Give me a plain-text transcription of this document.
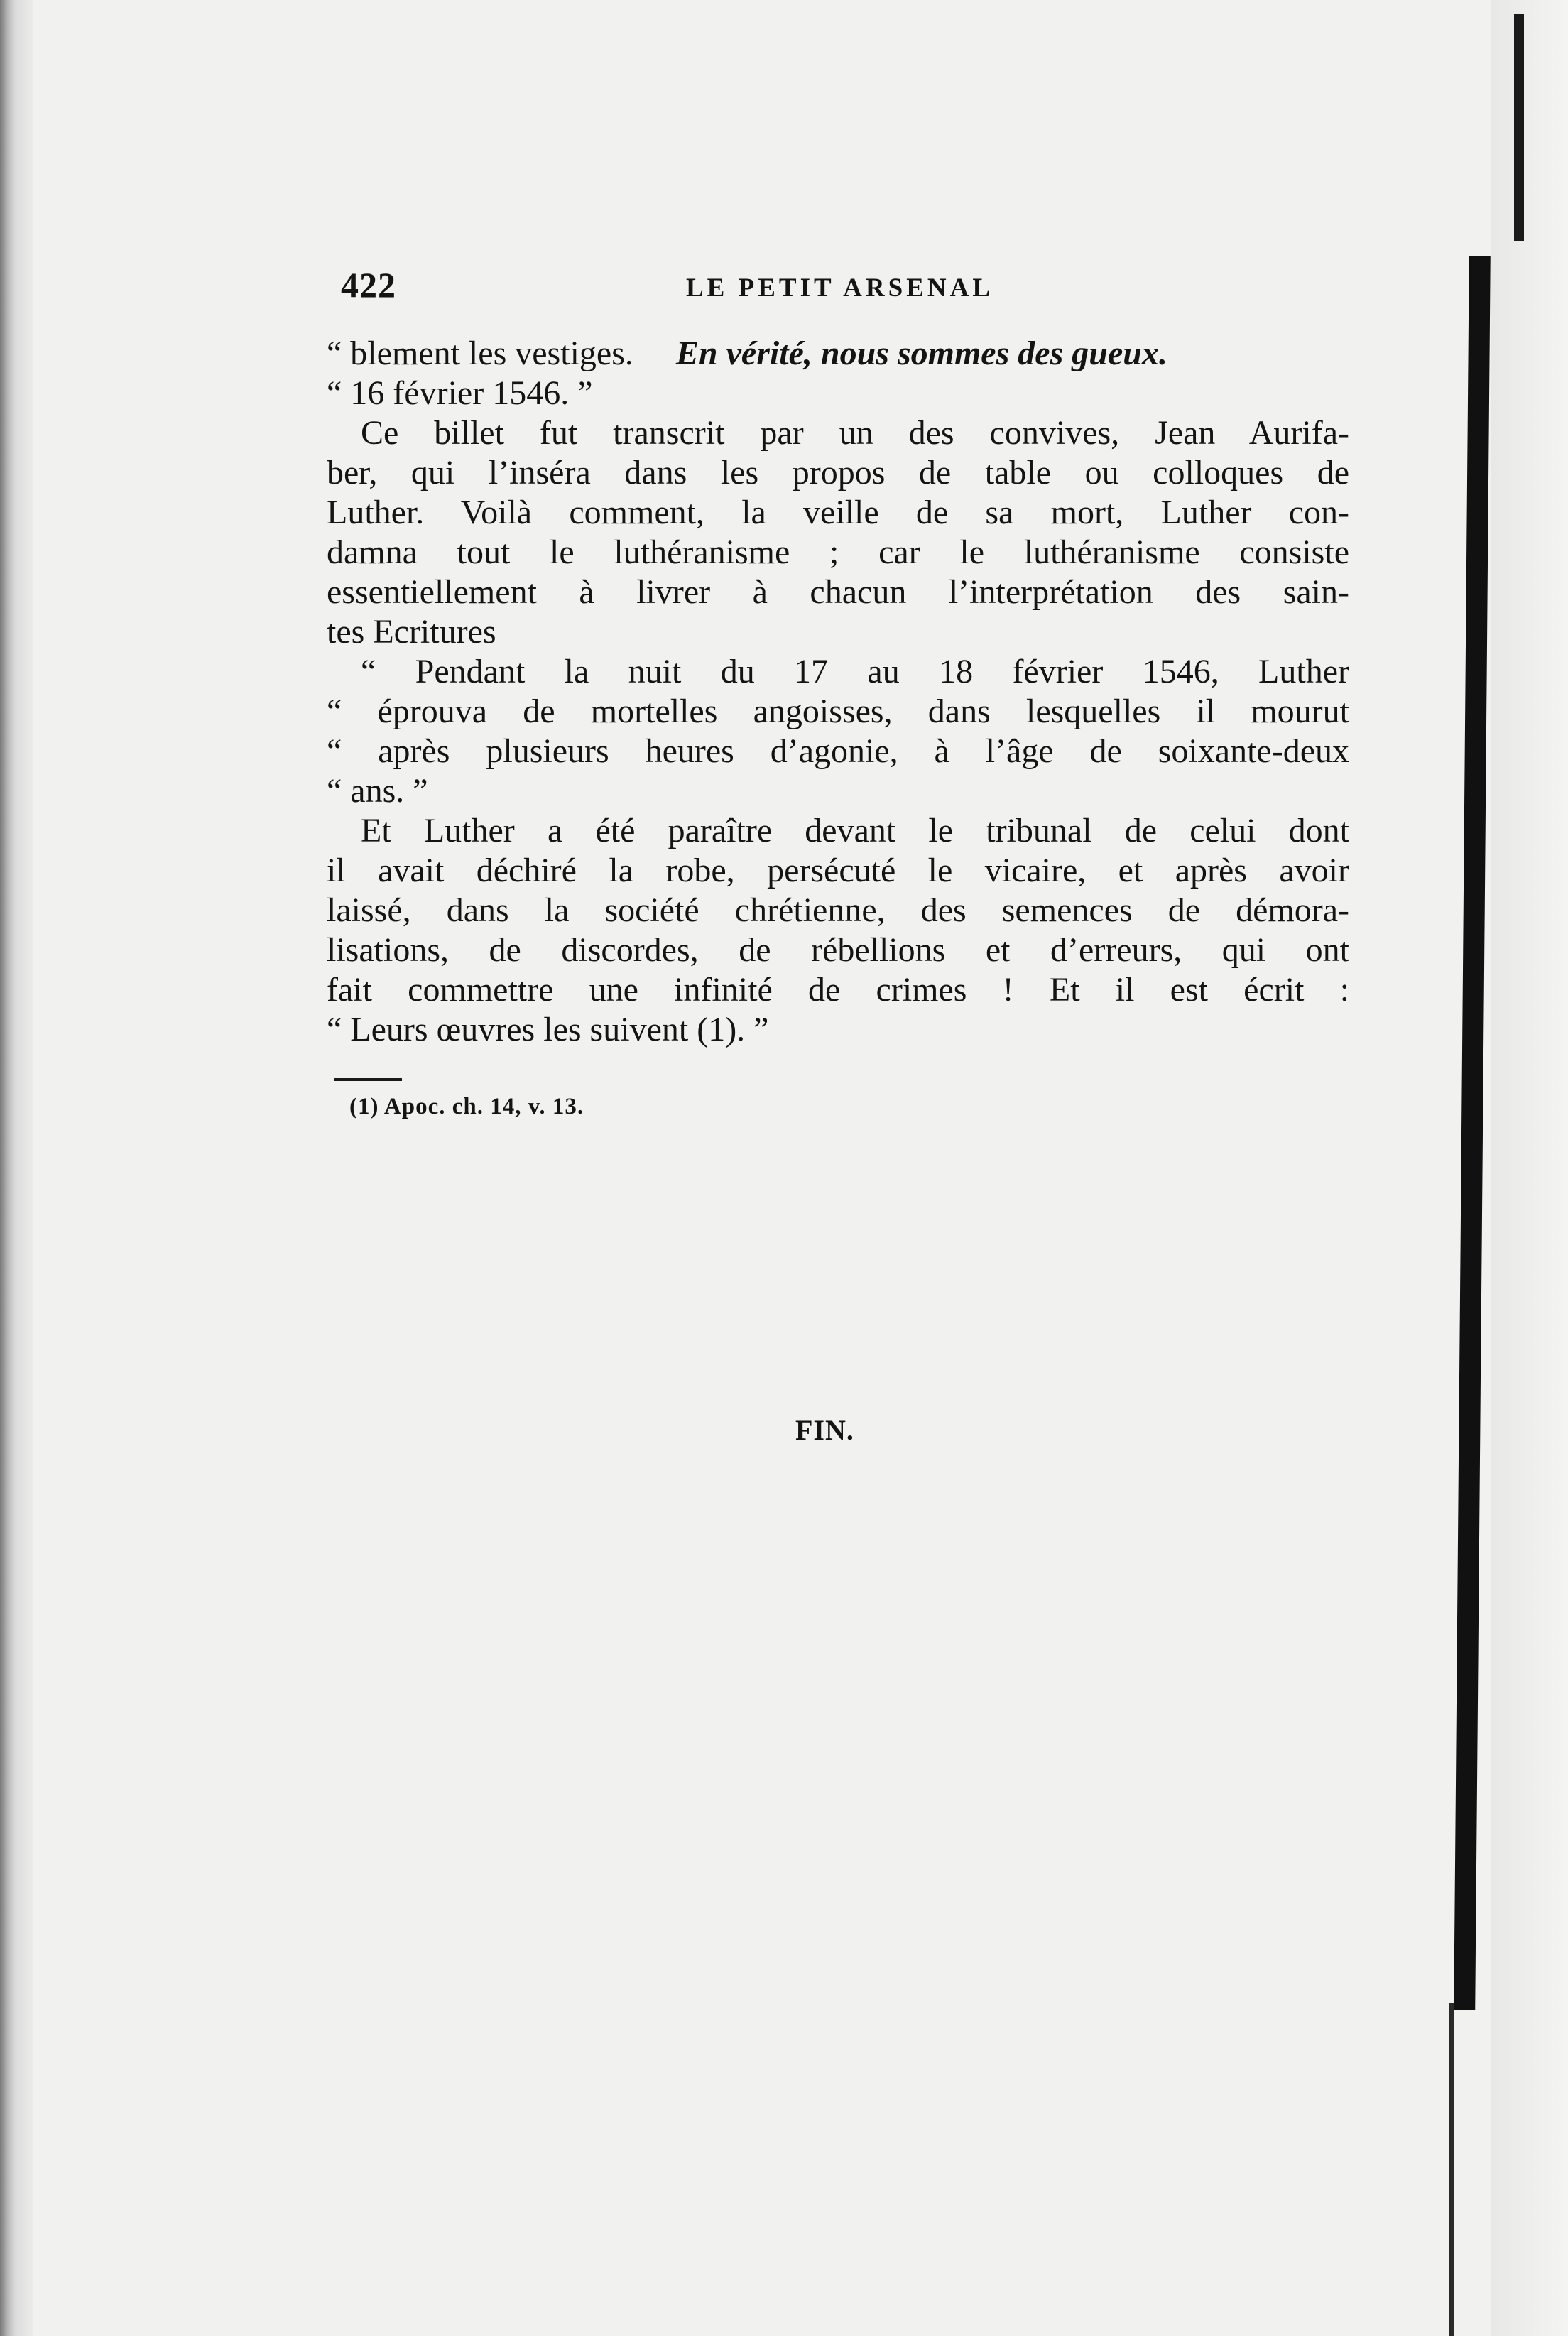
422	LE PETIT ARSENAL
“ blement les vestiges. En vérité, nous sommes des gueux.
“ 16 février 1546. ”
Ce billet fut transcrit par un des convives, Jean Aurifa-
ber, qui l’inséra dans les propos de table ou colloques de
Luther. Voilà comment, la veille de sa mort, Luther con-
damna tout le luthéranisme ; car le luthéranisme consiste
essentiellement à livrer à chacun l’interprétation des sain-
tes Ecritures
“ Pendant la nuit du 17 au 18 février 1546, Luther
“ éprouva de mortelles angoisses, dans lesquelles il mourut
“ après plusieurs heures d’agonie, à l’âge de soixante-deux
“ ans. ”
Et Luther a été paraître devant le tribunal de celui dont
il avait déchiré la robe, persécuté le vicaire, et après avoir
laissé, dans la société chrétienne, des semences de démora-
lisations, de discordes, de rébellions et d’erreurs, qui ont
fait commettre une infinité de crimes ! Et il est écrit :
“ Leurs œuvres les suivent (1). ”
(1) Apoc. ch. 14, v. 13.
FIN.
